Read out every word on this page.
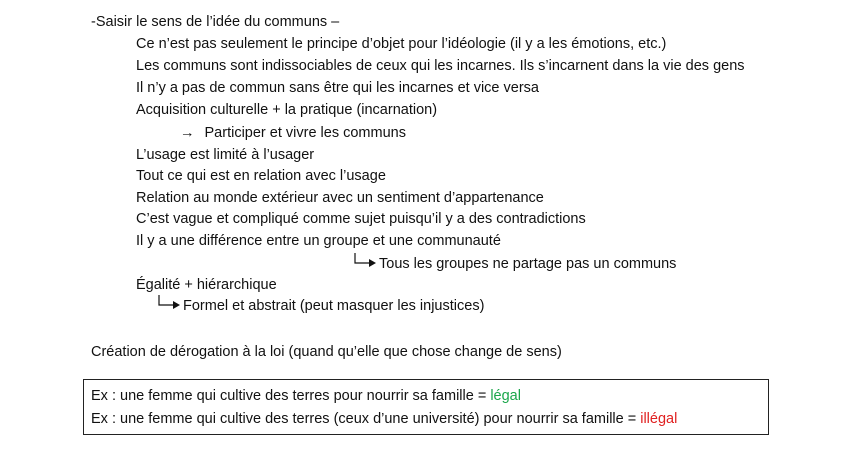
-Saisir le sens de l’idée du communs –
Ce n’est pas seulement le principe d’objet pour l’idéologie (il y a les émotions, etc.)
Les communs sont indissociables de ceux qui les incarnes. Ils s’incarnent dans la vie des gens
Il n’y a pas de commun sans être qui les incarnes et vice versa
Acquisition culturelle + la pratique (incarnation)
→ Participer et vivre les communs
L’usage est limité à l’usager
Tout ce qui est en relation avec l’usage
Relation au monde extérieur avec un sentiment d’appartenance
C’est vague et compliqué comme sujet puisqu’il y a des contradictions
Il y a une différence entre un groupe et une communauté
Tous les groupes ne partage pas un communs
Égalité + hiérarchique
Formel et abstrait (peut masquer les injustices)
Création de dérogation à la loi (quand qu’elle que chose change de sens)
Ex : une femme qui cultive des terres pour nourrir sa famille = légal
Ex : une femme qui cultive des terres (ceux d’une université) pour nourrir sa famille = illégal
